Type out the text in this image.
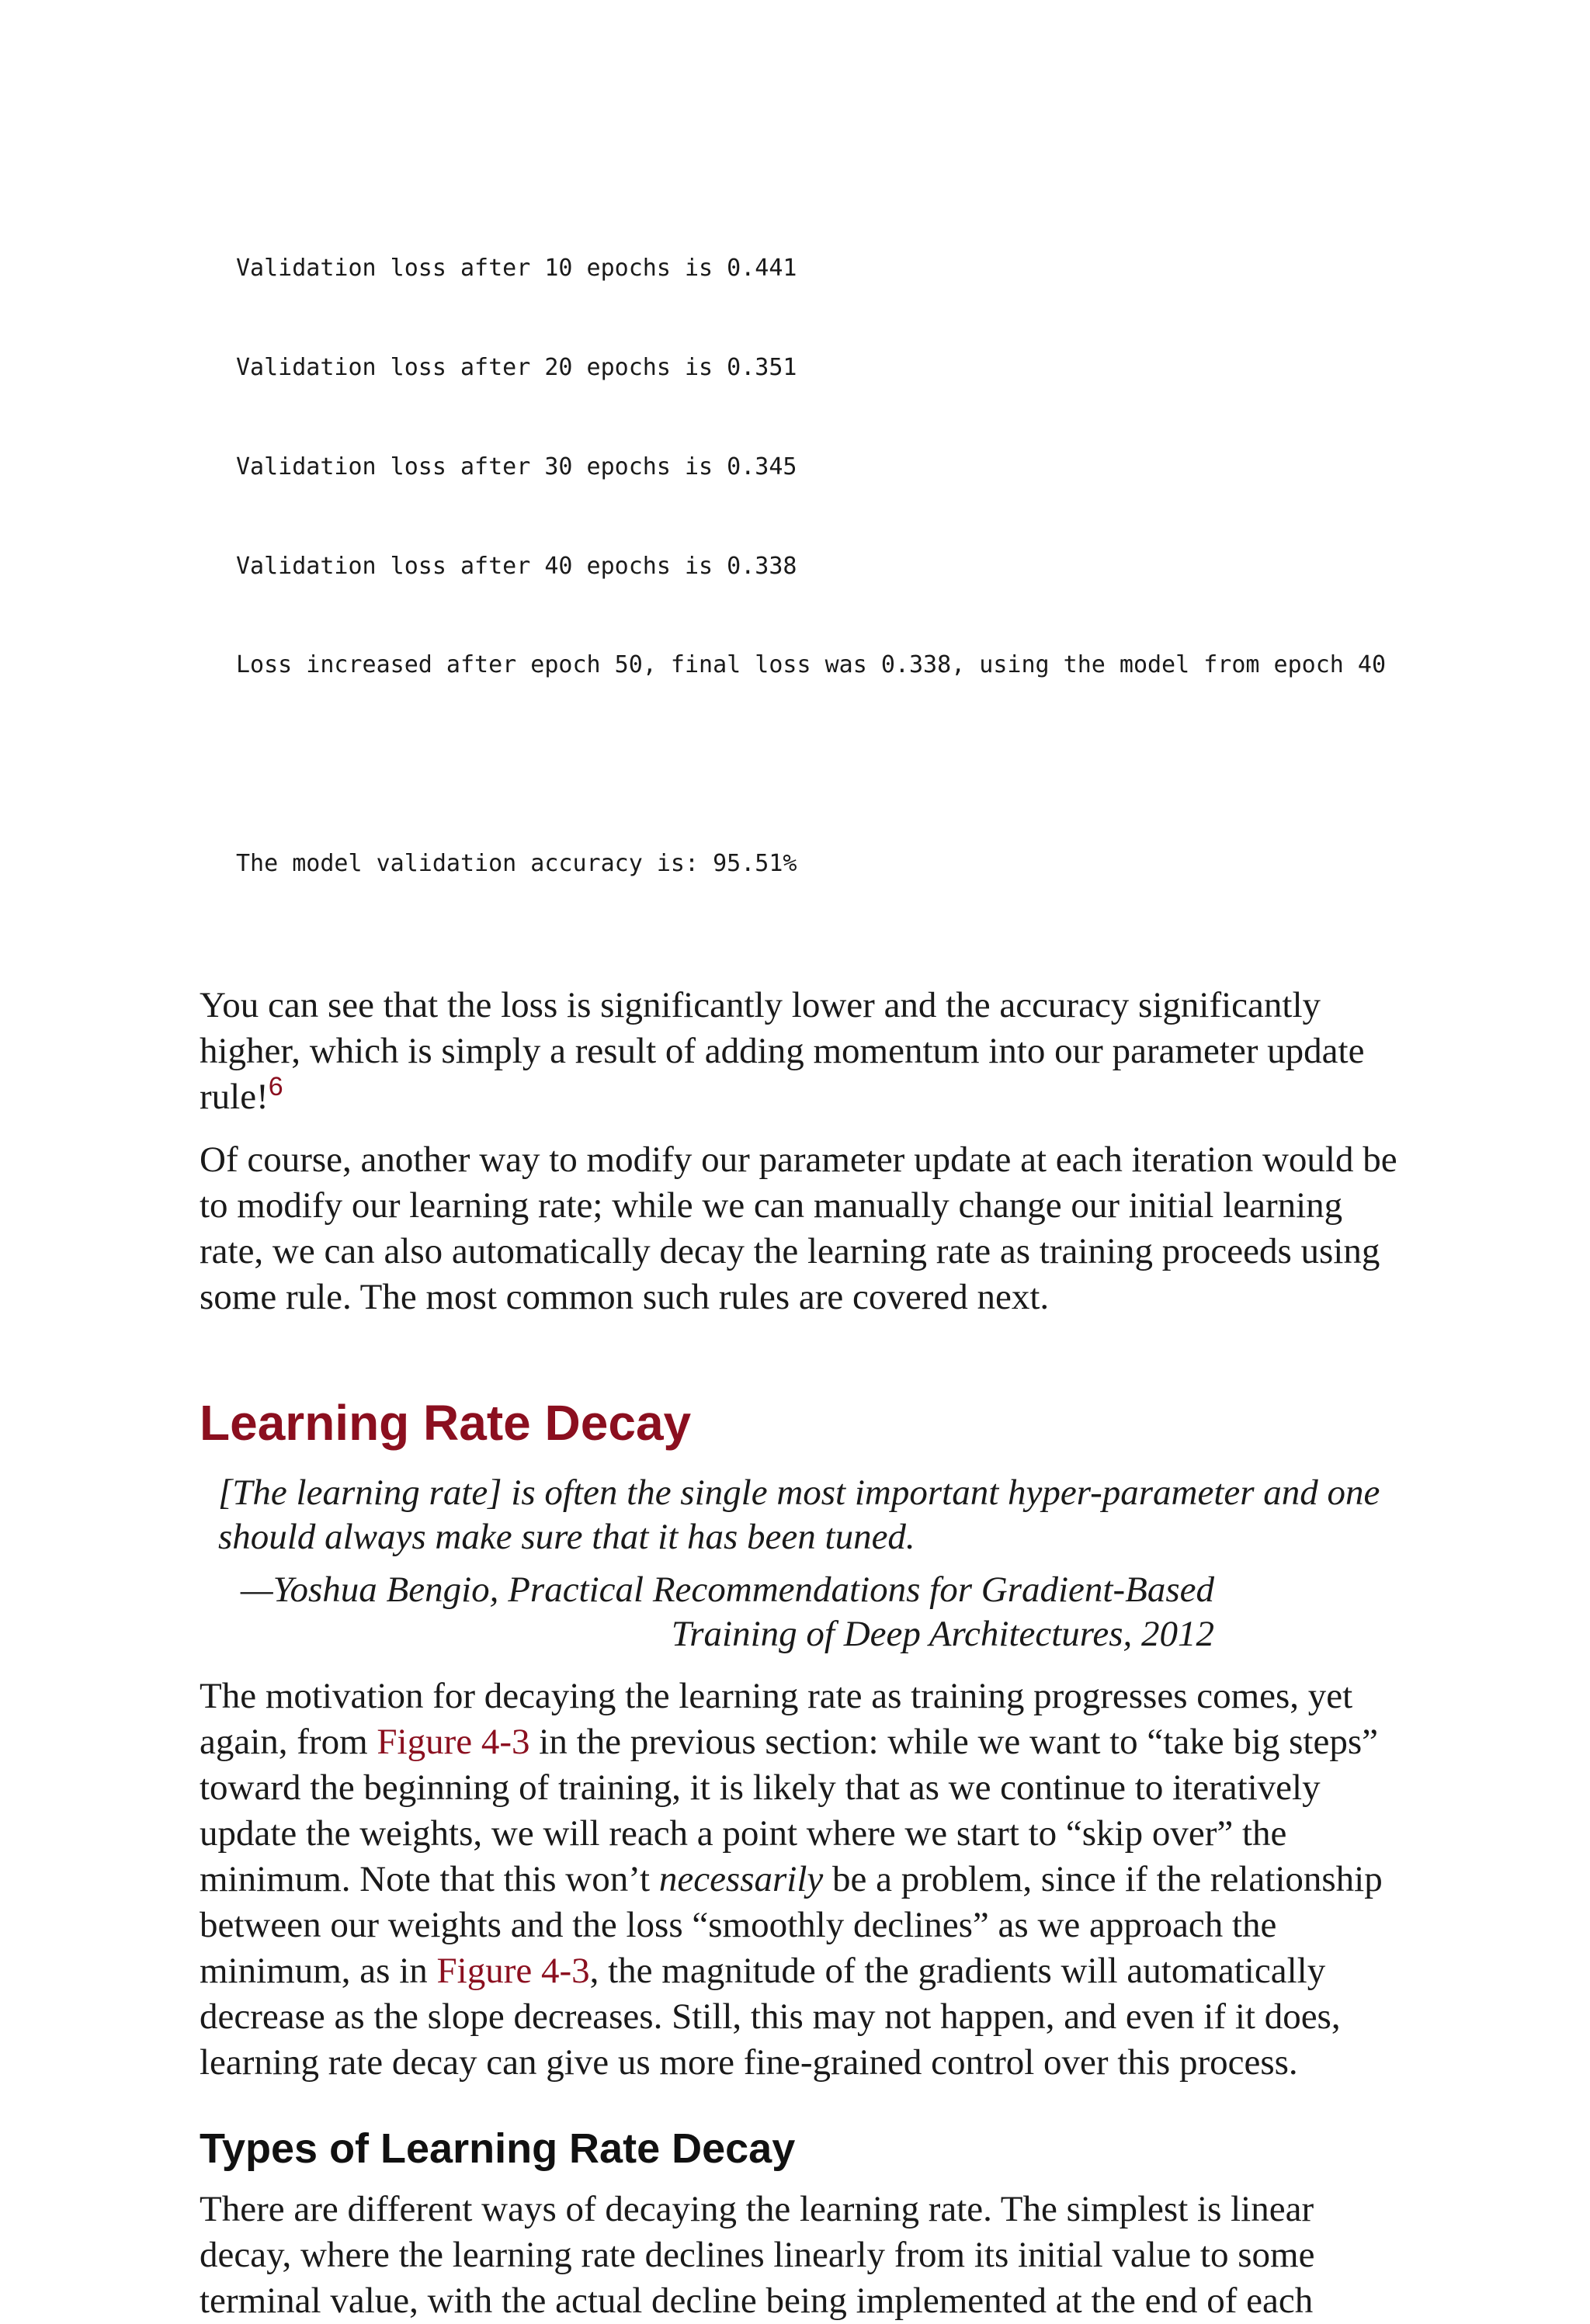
Validation loss after 10 epochs is 0.441

Validation loss after 20 epochs is 0.351

Validation loss after 30 epochs is 0.345

Validation loss after 40 epochs is 0.338

Loss increased after epoch 50, final loss was 0.338, using the model from epoch 40

The model validation accuracy is: 95.51%

You can see that the loss is significantly lower and the accuracy significantly higher, which is simply a result of adding momentum into our parameter update rule!$^6$

Of course, another way to modify our parameter update at each iteration would be to modify our learning rate; while we can manually change our initial learning rate, we can also automatically decay the learning rate as training proceeds using some rule. The most common such rules are covered next.

Learning Rate Decay
[The learning rate] is often the single most important hyper-parameter and one should always make sure that it has been tuned.
—Yoshua Bengio, Practical Recommendations for Gradient-Based Training of Deep Architectures, 2012

The motivation for decaying the learning rate as training progresses comes, yet again, from Figure 4-3 in the previous section: while we want to “take big steps” toward the beginning of training, it is likely that as we continue to iteratively update the weights, we will reach a point where we start to “skip over” the minimum. Note that this won’t necessarily be a problem, since if the relationship between our weights and the loss “smoothly declines” as we approach the minimum, as in Figure 4-3, the magnitude of the gradients will automatically decrease as the slope decreases. Still, this may not happen, and even if it does, learning rate decay can give us more fine-grained control over this process.

Types of Learning Rate Decay

There are different ways of decaying the learning rate. The simplest is linear decay, where the learning rate declines linearly from its initial value to some terminal value, with the actual decline being implemented at the end of each
